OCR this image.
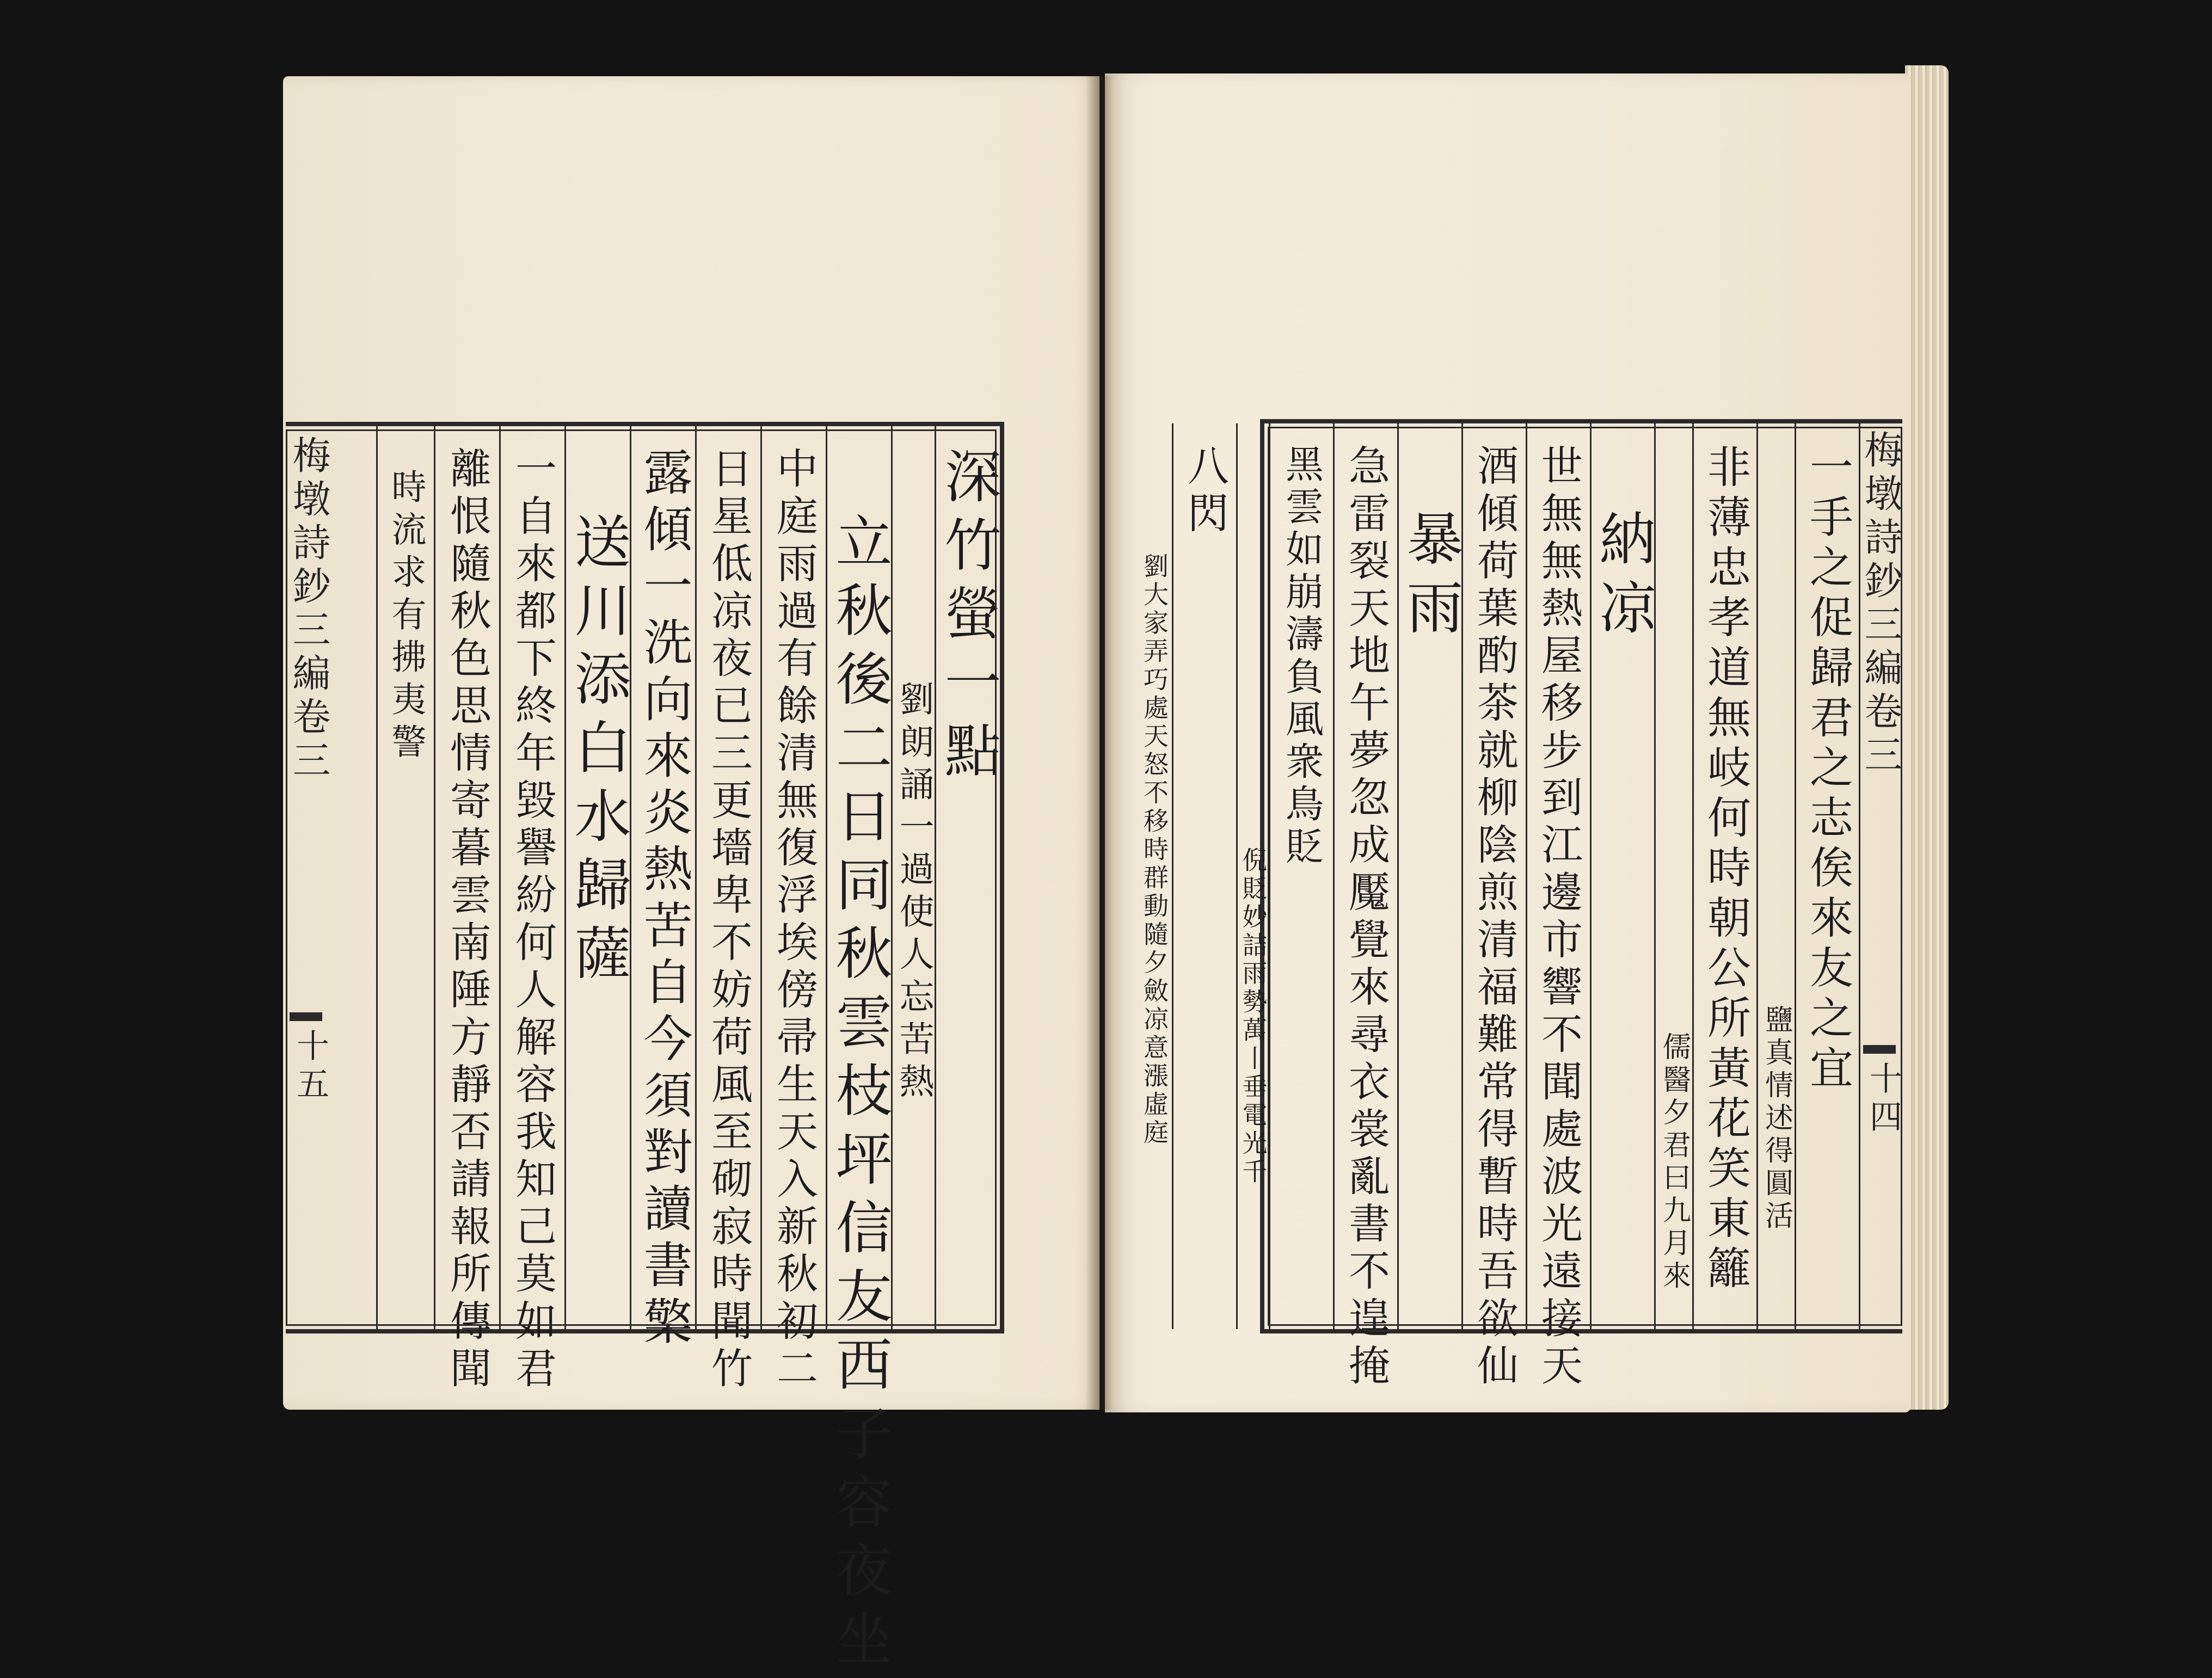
深竹螢一點
劉朗誦一過使人忘苦熱
立秋後二日同秋雲枝坪信友西子容夜坐
中庭雨過有餘清無復浮埃傍帚生天入新秋初二
日星低凉夜已三更墻卑不妨荷風至砌寂時聞竹
露傾一洗向來炎熱苦自今須對讀書檠
送川添白水歸薩
一自來都下終年毀譽紛何人解容我知己莫如君
離恨隨秋色思情寄暮雲南陲方靜否請報所傳聞
時流求有拂夷警
梅墩詩鈔三編卷三
十五	一手之促歸君之志俟來友之宜
鹽真情述得圓活
非薄忠孝道無岐何時朝公所黃花笑東籬
儒醫夕君曰九月來
納凉
世無無熱屋移步到江邊市響不聞處波光遠接天
酒傾荷葉酌茶就柳陰煎清福難常得暫時吾欲仙
暴雨
急雷裂天地午夢忽成魘覺來尋衣裳亂書不遑掩
黑雲如崩濤負風衆鳥貶
倪貶妙詰雨勢萬丨垂電光千
八閃
劉大家弄巧處天怒不移時群動隨夕斂凉意漲虛庭	梅墩詩鈔三編卷三
十四
